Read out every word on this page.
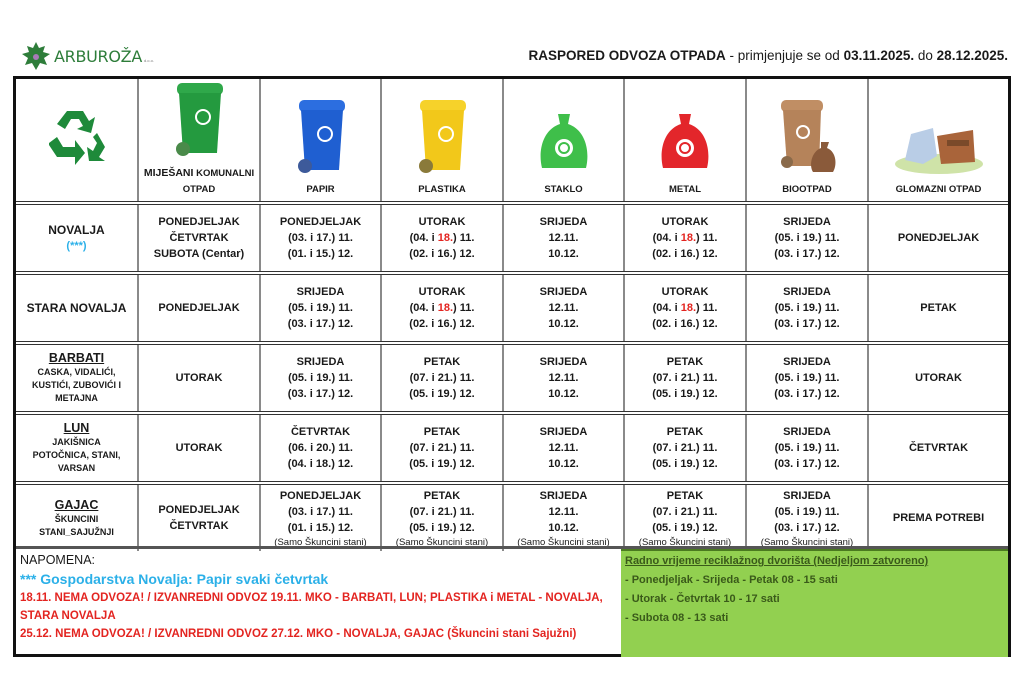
ARBUROŽA d.o.o.	RASPORED ODVOZA OTPADA - primjenjuje se od 03.11.2025. do 28.12.2025.

MIJEŠANI KOMUNALNI
OTPAD	PAPIR	PLASTIKA	STAKLO	METAL	BIOOTPAD	GLOMAZNI OTPAD

NOVALJA
(***)	PONEDJELJAK
ČETVRTAK
SUBOTA (Centar)	PONEDJELJAK
(03. i 17.) 11.
(01. i 15.) 12.	UTORAK
(04. i 18.) 11.
(02. i 16.) 12.	SRIJEDA
12.11.
10.12.	UTORAK
(04. i 18.) 11.
(02. i 16.) 12.	SRIJEDA
(05. i 19.) 11.
(03. i 17.) 12.	PONEDJELJAK
STARA NOVALJA	PONEDJELJAK	SRIJEDA
(05. i 19.) 11.
(03. i 17.) 12.	UTORAK
(04. i 18.) 11.
(02. i 16.) 12.	SRIJEDA
12.11.
10.12.	UTORAK
(04. i 18.) 11.
(02. i 16.) 12.	SRIJEDA
(05. i 19.) 11.
(03. i 17.) 12.	PETAK

BARBATI
CASKA, VIDALIĆI,
KUSTIĆI, ZUBOVIĆI I
METAJNA	UTORAK	SRIJEDA
(05. i 19.) 11.
(03. i 17.) 12.	PETAK
(07. i 21.) 11.
(05. i 19.) 12.	SRIJEDA
12.11.
10.12.	PETAK
(07. i 21.) 11.
(05. i 19.) 12.	SRIJEDA
(05. i 19.) 11.
(03. i 17.) 12.	UTORAK

LUN
JAKIŠNICA
POTOČNICA, STANI,
VARSAN	UTORAK	ČETVRTAK
(06. i 20.) 11.
(04. i 18.) 12.	PETAK
(07. i 21.) 11.
(05. i 19.) 12.	SRIJEDA
12.11.
10.12.	PETAK
(07. i 21.) 11.
(05. i 19.) 12.	SRIJEDA
(05. i 19.) 11.
(03. i 17.) 12.	ČETVRTAK

GAJAC
ŠKUNCINI
STANI_SAJUŽNJI	PONEDJELJAK
ČETVRTAK	PONEDJELJAK
(03. i 17.) 11.
(01. i 15.) 12.
(Samo Škuncini stani)	PETAK
(07. i 21.) 11.
(05. i 19.) 12.
(Samo Škuncini stani)	SRIJEDA
12.11.
10.12.
(Samo Škuncini stani)	PETAK
(07. i 21.) 11.
(05. i 19.) 12.
(Samo Škuncini stani)	SRIJEDA
(05. i 19.) 11.
(03. i 17.) 12.
(Samo Škuncini stani)	PREMA POTREBI
NAPOMENA:
*** Gospodarstva Novalja: Papir svaki četvrtak
18.11. NEMA ODVOZA! / IZVANREDNI ODVOZ 19.11. MKO - BARBATI, LUN; PLASTIKA i METAL - NOVALJA, STARA NOVALJA
25.12. NEMA ODVOZA! / IZVANREDNI ODVOZ 27.12. MKO - NOVALJA, GAJAC (Škuncini stani Sajužni)
Radno vrijeme reciklažnog dvorišta (Nedjeljom zatvoreno)
- Ponedjeljak - Srijeda - Petak 08 - 15 sati
- Utorak - Četvrtak 10 - 17 sati
- Subota 08 - 13 sati
